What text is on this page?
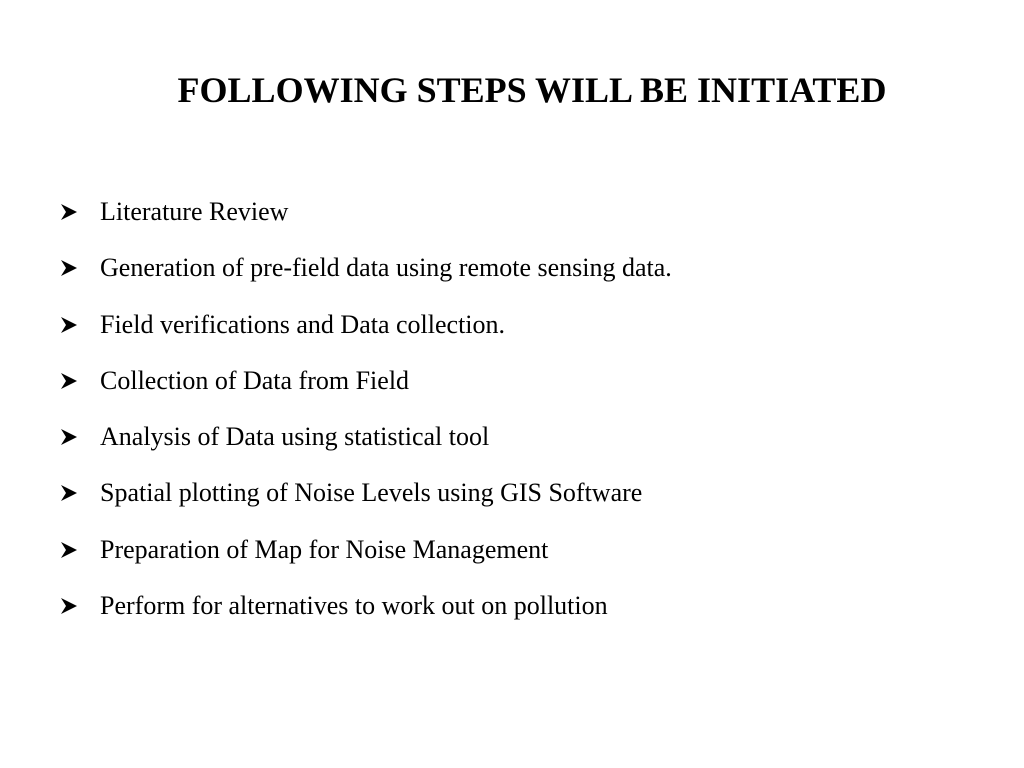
FOLLOWING STEPS WILL BE INITIATED
Literature Review
Generation of pre-field data using remote sensing data.
Field verifications and Data collection.
Collection of Data from Field
Analysis of Data using statistical tool
Spatial plotting of Noise Levels using GIS Software
Preparation of Map for Noise Management
Perform for alternatives to work out on pollution
